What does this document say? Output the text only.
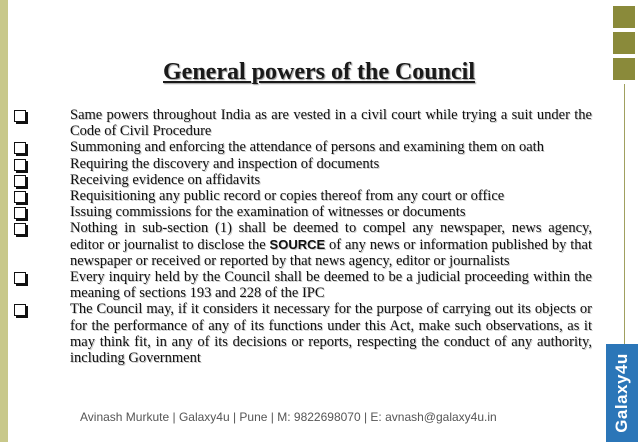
Galaxy4u
General powers of the Council
Same powers throughout India as are vested in a civil court while trying a suit under the Code of Civil Procedure
Summoning and enforcing the attendance of persons and examining them on oath
Requiring the discovery and inspection of documents
Receiving evidence on affidavits
Requisitioning any public record or copies thereof from any court or office
Issuing commissions for the examination of witnesses or documents
Nothing in sub-section (1) shall be deemed to compel any newspaper, news agency, editor or journalist to disclose the SOURCE of any news or information published by that newspaper or received or reported by that news agency, editor or journalists
Every inquiry held by the Council shall be deemed to be a judicial proceeding within the meaning of sections 193 and 228 of the IPC
The Council may, if it considers it necessary for the purpose of carrying out its objects or for the performance of any of its functions under this Act, make such observations, as it may think fit, in any of its decisions or reports, respecting the conduct of any authority, including Government
Avinash Murkute | Galaxy4u | Pune | M: 9822698070 | E: avnash@galaxy4u.in
